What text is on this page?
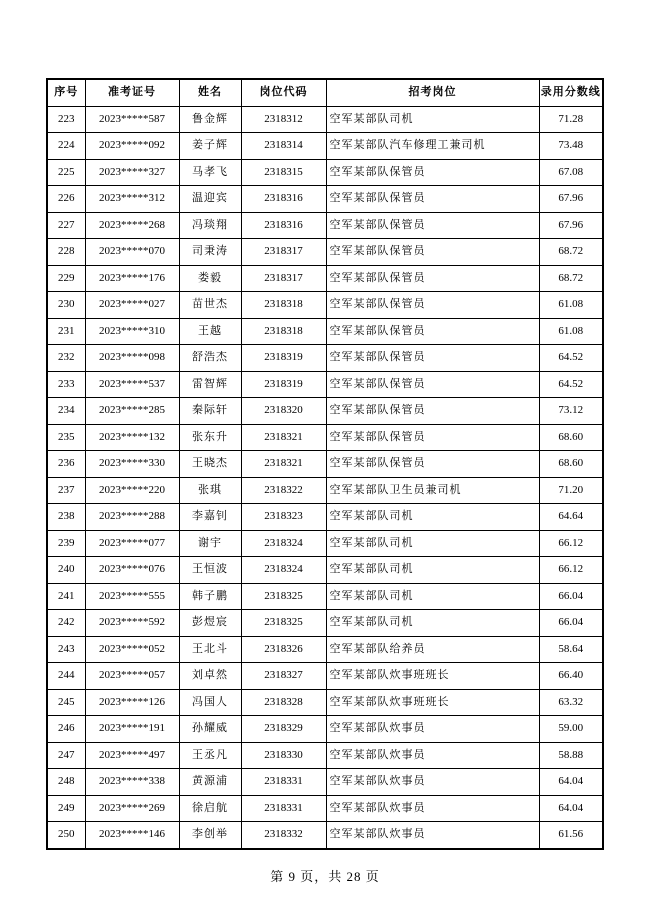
序号	准考证号	姓名	岗位代码	招考岗位	录用分数线
223	2023*****587	鲁金辉	2318312	空军某部队司机	71.28
224	2023*****092	姜子辉	2318314	空军某部队汽车修理工兼司机	73.48
225	2023*****327	马孝飞	2318315	空军某部队保管员	67.08
226	2023*****312	温迎宾	2318316	空军某部队保管员	67.96
227	2023*****268	冯琰翔	2318316	空军某部队保管员	67.96
228	2023*****070	司秉涛	2318317	空军某部队保管员	68.72
229	2023*****176	娄毅	2318317	空军某部队保管员	68.72
230	2023*****027	苗世杰	2318318	空军某部队保管员	61.08
231	2023*****310	王越	2318318	空军某部队保管员	61.08
232	2023*****098	舒浩杰	2318319	空军某部队保管员	64.52
233	2023*****537	雷智辉	2318319	空军某部队保管员	64.52
234	2023*****285	秦际轩	2318320	空军某部队保管员	73.12
235	2023*****132	张东升	2318321	空军某部队保管员	68.60
236	2023*****330	王晓杰	2318321	空军某部队保管员	68.60
237	2023*****220	张琪	2318322	空军某部队卫生员兼司机	71.20
238	2023*****288	李嘉钊	2318323	空军某部队司机	64.64
239	2023*****077	谢宇	2318324	空军某部队司机	66.12
240	2023*****076	王恒波	2318324	空军某部队司机	66.12
241	2023*****555	韩子鹏	2318325	空军某部队司机	66.04
242	2023*****592	彭煜宸	2318325	空军某部队司机	66.04
243	2023*****052	王北斗	2318326	空军某部队给养员	58.64
244	2023*****057	刘卓然	2318327	空军某部队炊事班班长	66.40
245	2023*****126	冯国人	2318328	空军某部队炊事班班长	63.32
246	2023*****191	孙耀威	2318329	空军某部队炊事员	59.00
247	2023*****497	王丞凡	2318330	空军某部队炊事员	58.88
248	2023*****338	黄源浦	2318331	空军某部队炊事员	64.04
249	2023*****269	徐启航	2318331	空军某部队炊事员	64.04
250	2023*****146	李创举	2318332	空军某部队炊事员	61.56
第 9 页，共 28 页
